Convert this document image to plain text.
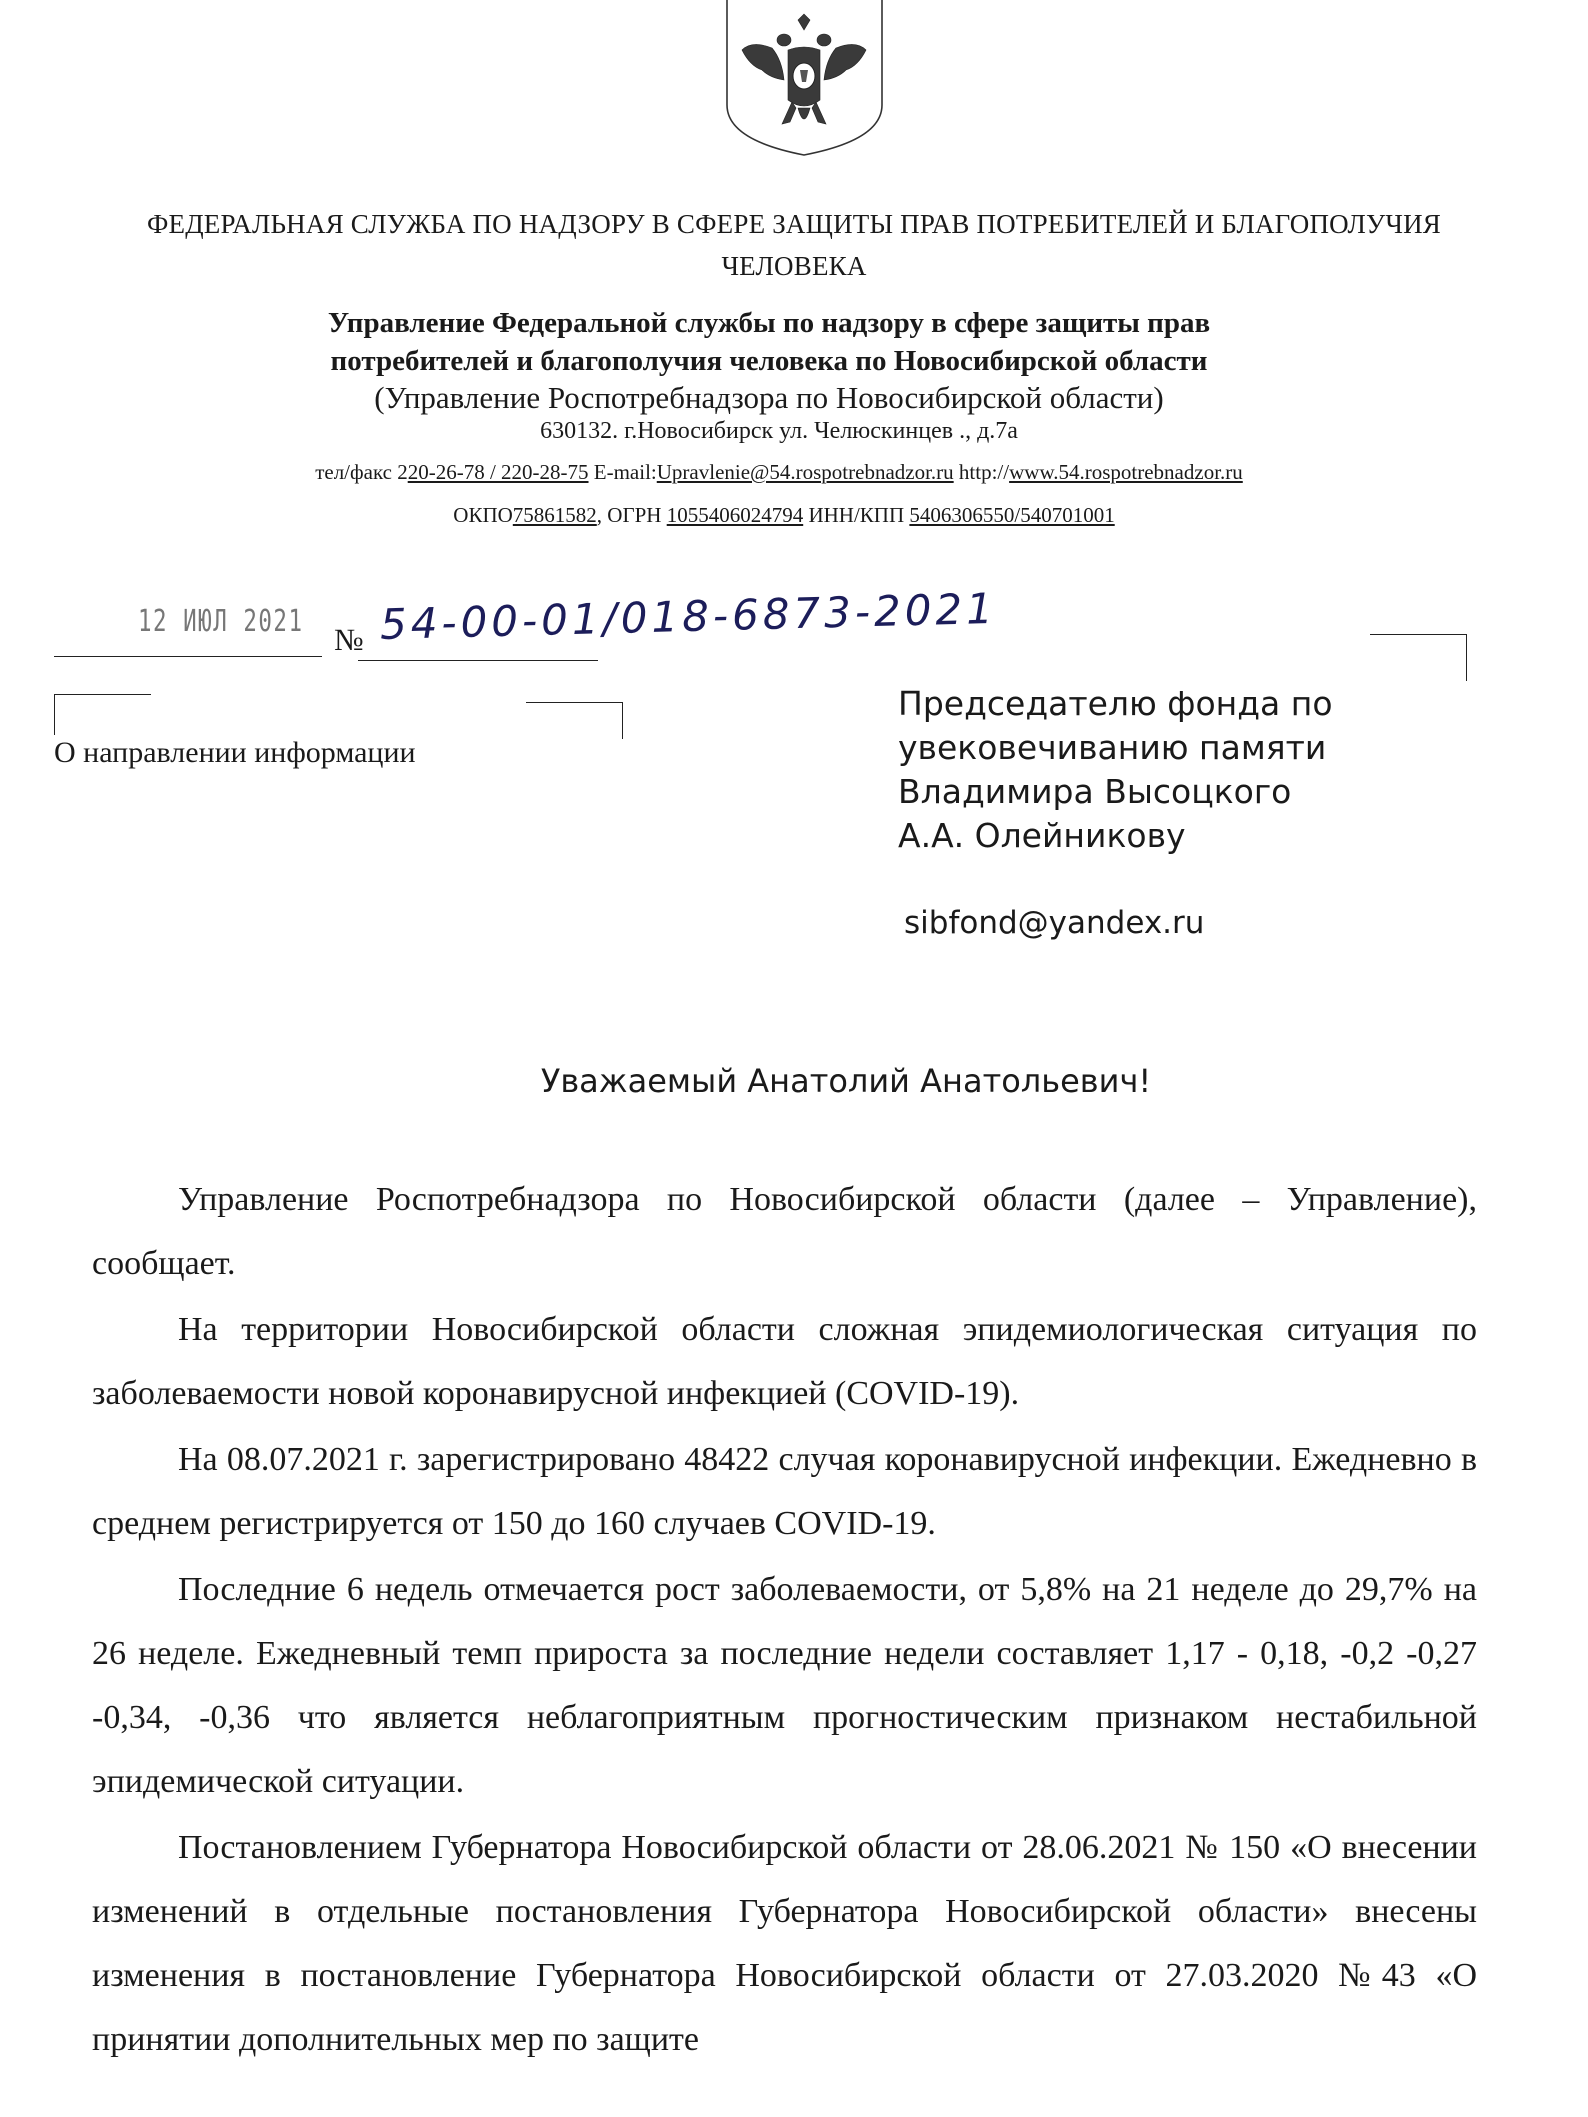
ФЕДЕРАЛЬНАЯ СЛУЖБА ПО НАДЗОРУ В СФЕРЕ ЗАЩИТЫ ПРАВ ПОТРЕБИТЕЛЕЙ И БЛАГОПОЛУЧИЯ
ЧЕЛОВЕКА
Управление Федеральной службы по надзору в сфере защиты прав
потребителей и благополучия человека по Новосибирской области
(Управление Роспотребнадзора по Новосибирской области)
630132. г.Новосибирск ул. Челюскинцев ., д.7а
тел/факс 220-26-78 / 220-28-75 E-mail:Upravlenie@54.rospotrebnadzor.ru http://www.54.rospotrebnadzor.ru
ОКПО75861582, ОГРН 1055406024794 ИНН/КПП 5406306550/540701001
12 ИЮЛ 2021
№ 54-00-01/018-6873-2021
О направлении информации
Председателю фонда по
увековечиванию памяти
Владимира Высоцкого
А.А. Олейникову
sibfond@yandex.ru
Уважаемый Анатолий Анатольевич!

Управление Роспотребнадзора по Новосибирской области (далее – Управление), сообщает.

На территории Новосибирской области сложная эпидемиологическая ситуация по заболеваемости новой коронавирусной инфекцией (COVID-19).

На 08.07.2021 г. зарегистрировано 48422 случая коронавирусной инфекции. Ежедневно в среднем регистрируется от 150 до 160 случаев COVID-19.

Последние 6 недель отмечается рост заболеваемости, от 5,8% на 21 неделе до 29,7% на 26 неделе. Ежедневный темп прироста за последние недели составляет 1,17 - 0,18, -0,2 -0,27 -0,34, -0,36 что является неблагоприятным прогностическим признаком нестабильной эпидемической ситуации.

Постановлением Губернатора Новосибирской области от 28.06.2021 № 150 «О внесении изменений в отдельные постановления Губернатора Новосибирской области» внесены изменения в постановление Губернатора Новосибирской области от 27.03.2020 №43 «О принятии дополнительных мер по защите
